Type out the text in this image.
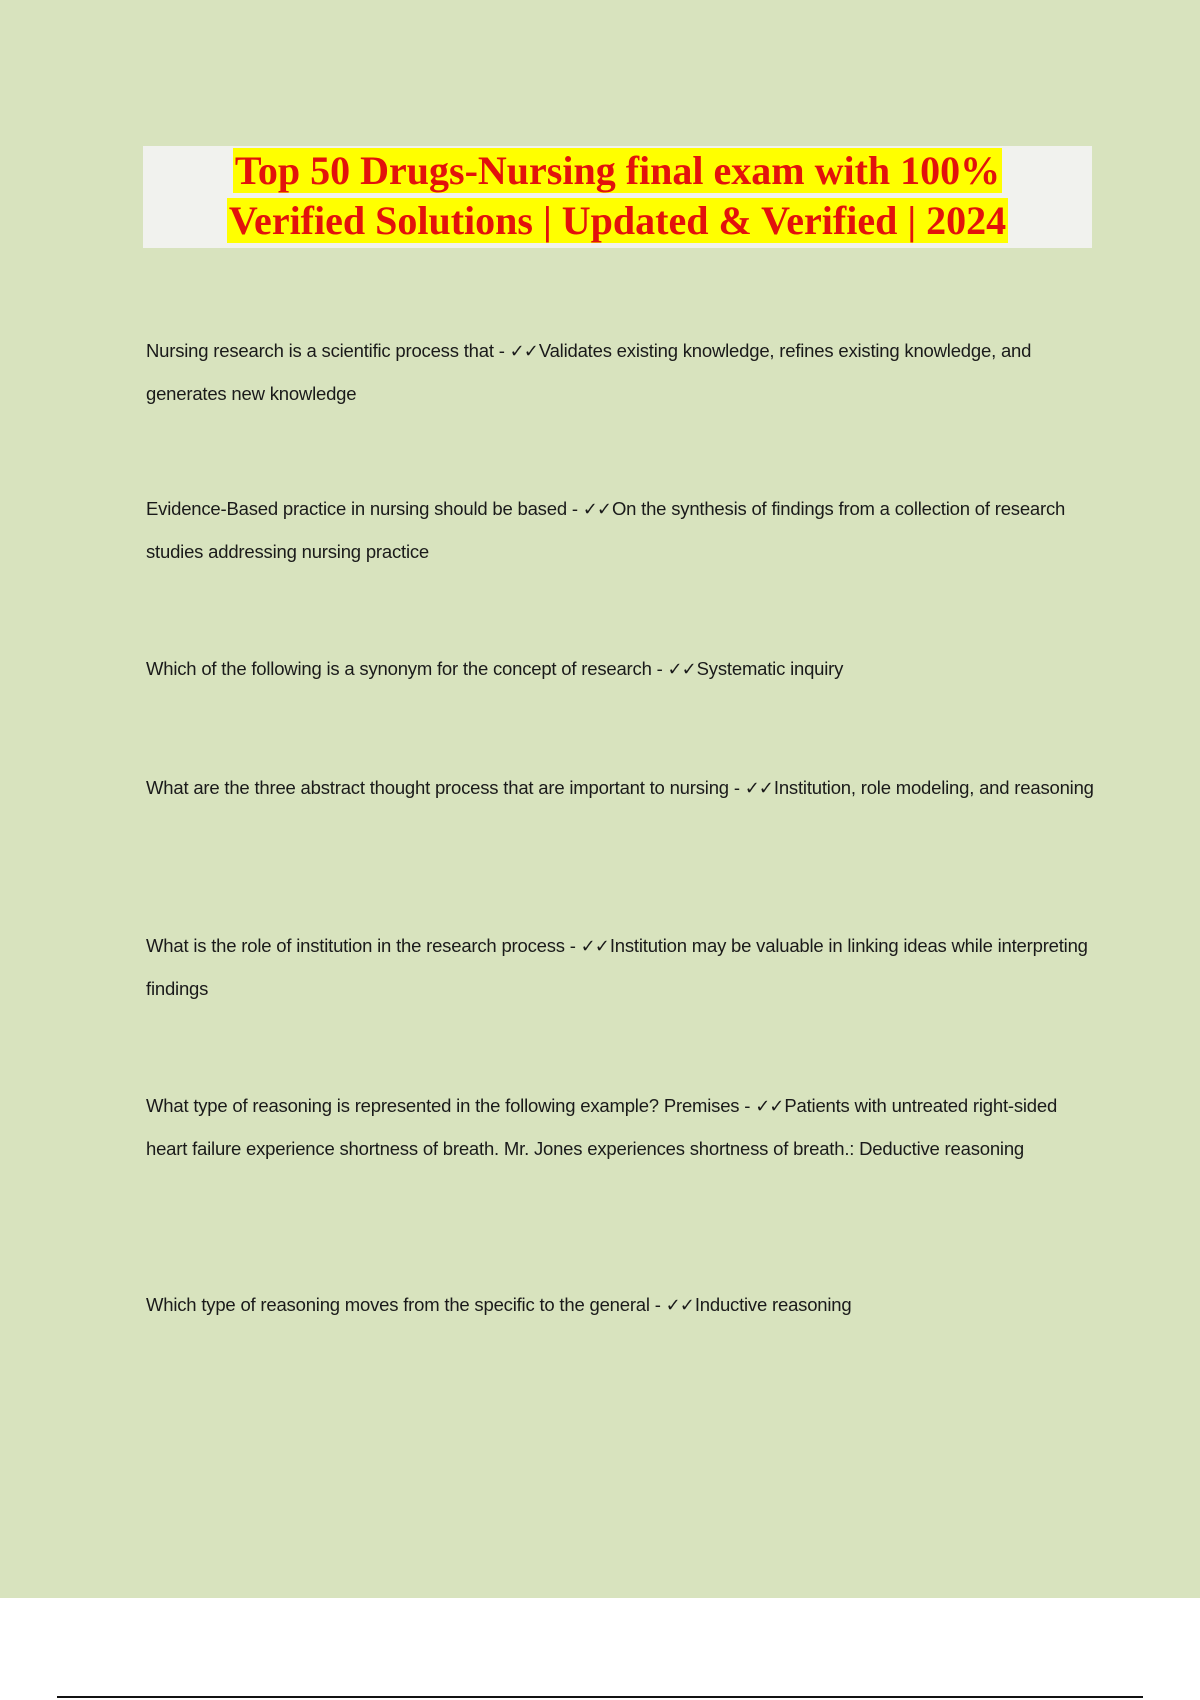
Top 50 Drugs-Nursing final exam with 100%
Verified Solutions | Updated & Verified | 2024

Nursing research is a scientific process that - ✓✓Validates existing knowledge, refines existing knowledge, and generates new knowledge

Evidence-Based practice in nursing should be based - ✓✓On the synthesis of findings from a collection of research studies addressing nursing practice

Which of the following is a synonym for the concept of research - ✓✓Systematic inquiry

What are the three abstract thought process that are important to nursing - ✓✓Institution, role modeling, and reasoning

What is the role of institution in the research process - ✓✓Institution may be valuable in linking ideas while interpreting findings

What type of reasoning is represented in the following example? Premises - ✓✓Patients with untreated right-sided heart failure experience shortness of breath. Mr. Jones experiences shortness of breath.: Deductive reasoning

Which type of reasoning moves from the specific to the general - ✓✓Inductive reasoning
